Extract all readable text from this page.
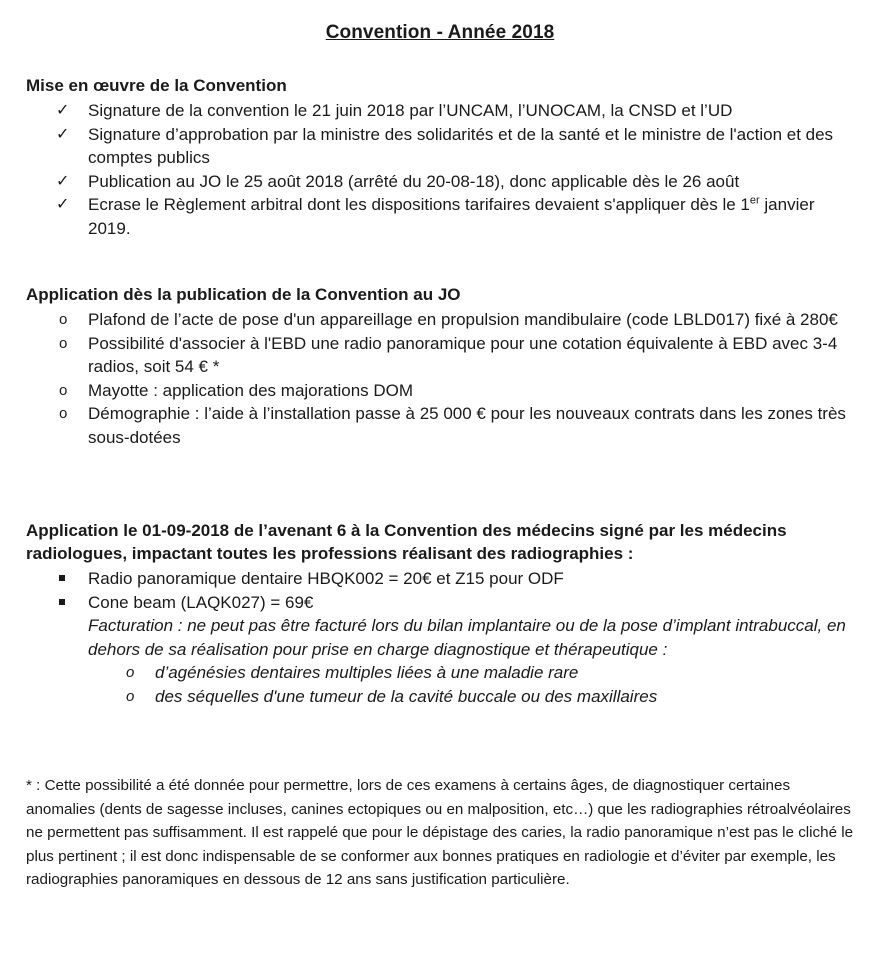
Convention - Année 2018
Mise en œuvre de la Convention
✓ Signature de la convention le 21 juin 2018 par l’UNCAM, l’UNOCAM, la CNSD et l’UD
✓ Signature d’approbation par la ministre des solidarités et de la santé et le ministre de l'action et des comptes publics
✓ Publication au JO le 25 août 2018 (arrêté du 20-08-18), donc applicable dès le 26 août
✓ Ecrase le Règlement arbitral dont les dispositions tarifaires devaient s'appliquer dès le 1er janvier 2019.
Application dès la publication de la Convention au JO
o Plafond de l’acte de pose d'un appareillage en propulsion mandibulaire (code LBLD017) fixé à 280€
o Possibilité d'associer à l'EBD une radio panoramique pour une cotation équivalente à EBD avec 3-4 radios, soit 54 € *
o Mayotte : application des majorations DOM
o Démographie : l’aide à l’installation passe à 25 000 € pour les nouveaux contrats dans les zones très sous-dotées
Application le 01-09-2018 de l’avenant 6 à la Convention des médecins signé par les médecins radiologues, impactant toutes les professions réalisant des radiographies :
Radio panoramique dentaire HBQK002 = 20€ et Z15 pour ODF
Cone beam (LAQK027) = 69€
Facturation : ne peut pas être facturé lors du bilan implantaire ou de la pose d’implant intrabuccal, en dehors de sa réalisation pour prise en charge diagnostique et thérapeutique :
o d’agénésies dentaires multiples liées à une maladie rare
o des séquelles d'une tumeur de la cavité buccale ou des maxillaires
* : Cette possibilité a été donnée pour permettre, lors de ces examens à certains âges, de diagnostiquer certaines anomalies (dents de sagesse incluses, canines ectopiques ou en malposition, etc…) que les radiographies rétroalvéolaires ne permettent pas suffisamment. Il est rappelé que pour le dépistage des caries, la radio panoramique n’est pas le cliché le plus pertinent ; il est donc indispensable de se conformer aux bonnes pratiques en radiologie et d’éviter par exemple, les radiographies panoramiques en dessous de 12 ans sans justification particulière.
